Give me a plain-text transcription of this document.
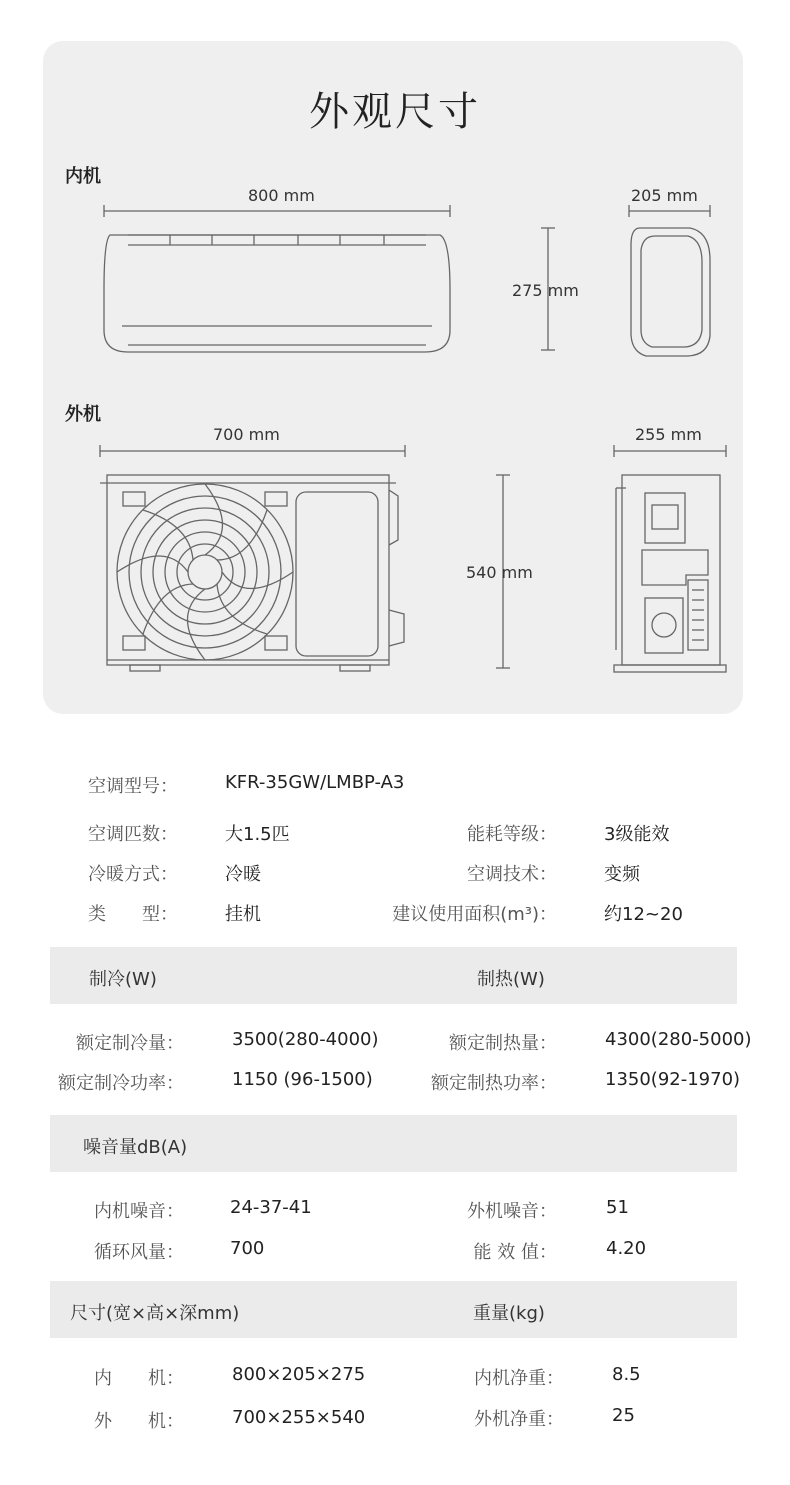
外观尺寸
内机
外机
800 mm	205 mm
275 mm
700 mm	255 mm
540 mm
空调型号：	KFR-35GW/LMBP-A3
空调匹数：	大1.5匹	能耗等级：	3级能效
冷暖方式：	冷暖	空调技术：	变频
类　　型：	挂机	建议使用面积(m³)：	约12~20
制冷(W)	制热(W)
额定制冷量：	3500(280-4000)	额定制热量：	4300(280-5000)
额定制冷功率：	1150 (96-1500)	额定制热功率：	1350(92-1970)
噪音量dB(A)
内机噪音：	24-37-41	外机噪音：	51
循环风量：	700	能 效 值：	4.20
尺寸(宽×高×深mm)	重量(kg)
内　　机：	800×205×275	内机净重：	8.5
外　　机：	700×255×540	外机净重：	25
